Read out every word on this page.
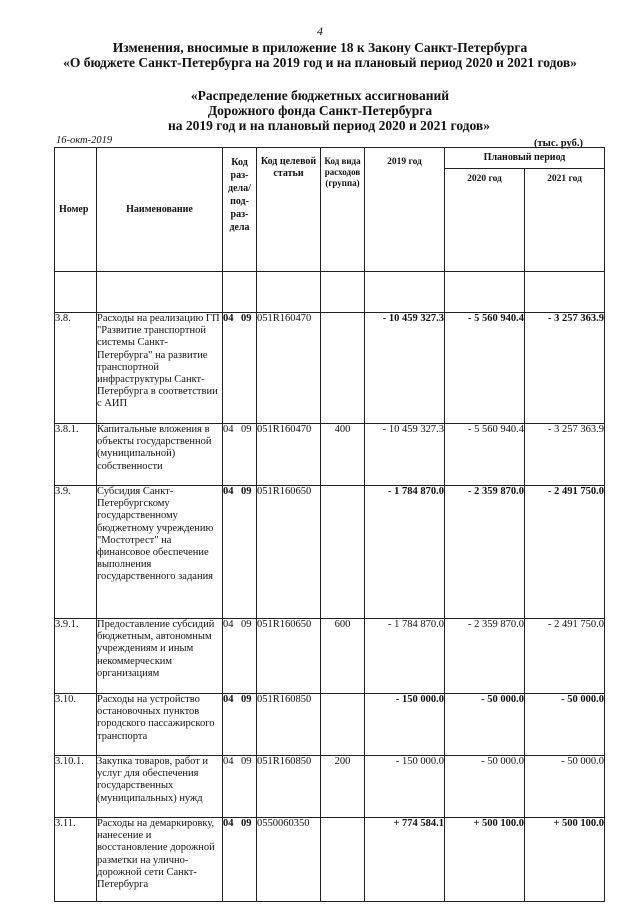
4
Изменения, вносимые в приложение 18 к Закону Санкт-Петербурга
«О бюджете Санкт-Петербурга на 2019 год и на плановый период 2020 и 2021 годов»
«Распределение бюджетных ассигнований
Дорожного фонда Санкт-Петербурга
на 2019 год и на плановый период 2020 и 2021 годов»
16-окт-2019	(тыс. руб.)
Номер	Наименование	Код раз-дела/ под-раз-дела	Код целевой статьи	Код вида расходов (группа)	2019 год	Плановый период	
						2020 год	2021 год

3.8.	Расходы на реализацию ГП "Развитие транспортной системы Санкт-Петербурга" на развитие транспортной инфраструктуры Санкт-Петербурга в соответствии с АИП	04 09	051R160470		- 10 459 327.3	- 5 560 940.4	- 3 257 363.9
3.8.1.	Капитальные вложения в объекты государственной (муниципальной) собственности	04 09	051R160470	400	- 10 459 327.3	- 5 560 940.4	- 3 257 363.9
3.9.	Субсидия Санкт-Петербургскому государственному бюджетному учреждению "Мостотрест" на финансовое обеспечение выполнения государственного задания	04 09	051R160650		- 1 784 870.0	- 2 359 870.0	- 2 491 750.0
3.9.1.	Предоставление субсидий бюджетным, автономным учреждениям и иным некоммерческим организациям	04 09	051R160650	600	- 1 784 870.0	- 2 359 870.0	- 2 491 750.0
3.10.	Расходы на устройство остановочных пунктов городского пассажирского транспорта	04 09	051R160850		- 150 000.0	- 50 000.0	- 50 000.0
3.10.1.	Закупка товаров, работ и услуг для обеспечения государственных (муниципальных) нужд	04 09	051R160850	200	- 150 000.0	- 50 000.0	- 50 000.0
3.11.	Расходы на демаркировку, нанесение и восстановление дорожной разметки на улично-дорожной сети Санкт-Петербурга	04 09	0550060350		+ 774 584.1	+ 500 100.0	+ 500 100.0
